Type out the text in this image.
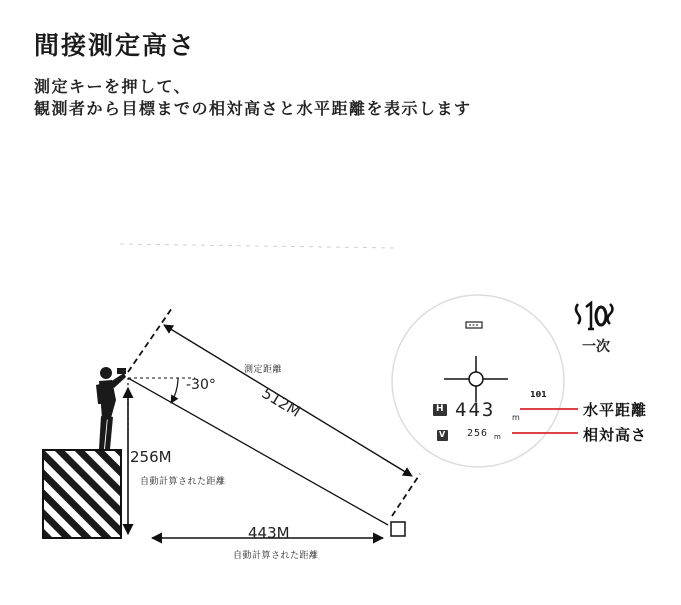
間接測定高さ
測定キーを押して、
観測者から目標までの相対高さと水平距離を表示します
測定距離
512M
-30°
256M
自動計算された距離
443M
自動計算された距離
H 443 m
V 256 m
1θ1
水平距離
相対高さ
一次
